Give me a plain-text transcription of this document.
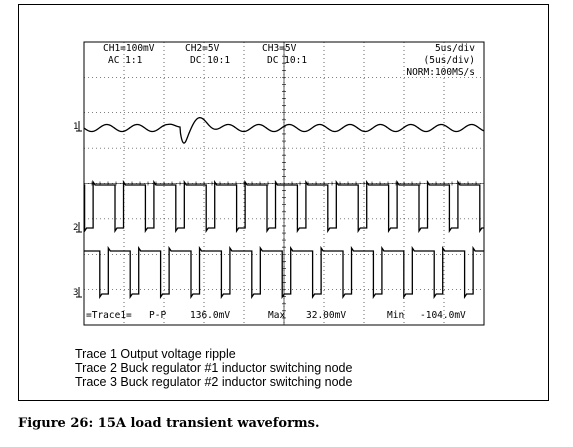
CH1=100mV
AC 1:1
CH2=5V
DC 10:1
CH3=5V
DC 10:1
5us/div
(5us/div)
NORM:100MS/s
1
2
3
=Trace1= P-P	136.0mV	Max 32.00mV	Min -104.0mV
Trace 1 Output voltage ripple
Trace 2 Buck regulator #1 inductor switching node
Trace 3 Buck regulator #2 inductor switching node
Figure 26: 15A load transient waveforms.
